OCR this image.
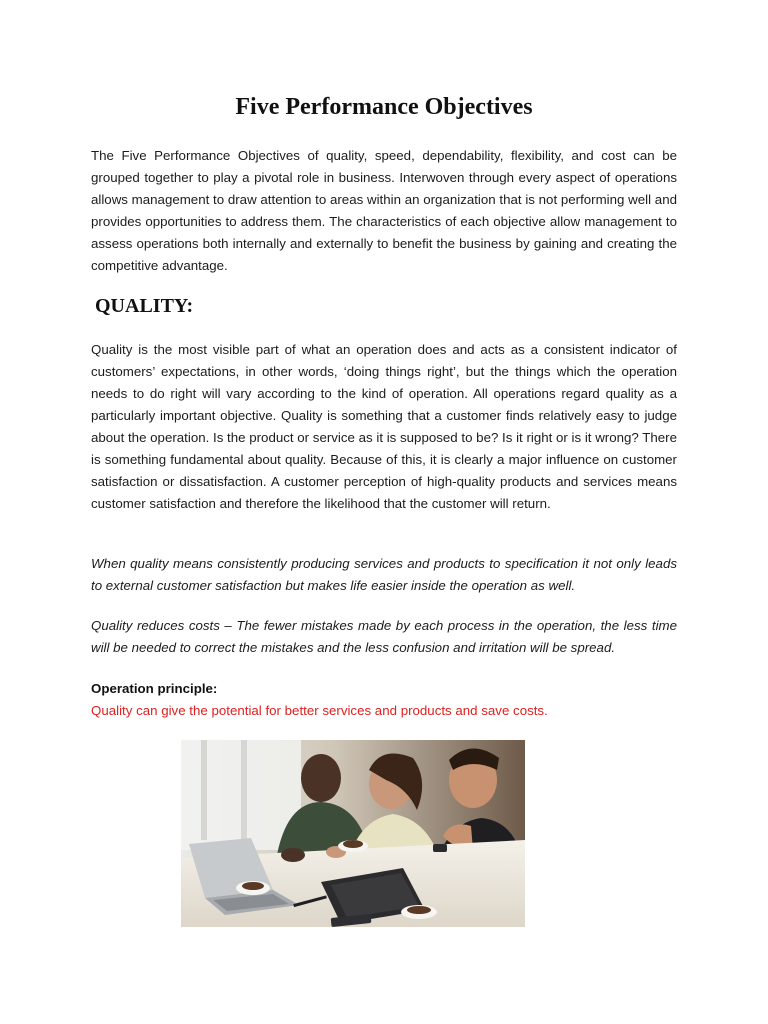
Five Performance Objectives

The Five Performance Objectives of quality, speed, dependability, flexibility, and cost can be grouped together to play a pivotal role in business. Interwoven through every aspect of operations allows management to draw attention to areas within an organization that is not performing well and provides opportunities to address them. The characteristics of each objective allow management to assess operations both internally and externally to benefit the business by gaining and creating the competitive advantage.

QUALITY:

Quality is the most visible part of what an operation does and acts as a consistent indicator of customers’ expectations, in other words, ‘doing things right’, but the things which the operation needs to do right will vary according to the kind of operation. All operations regard quality as a particularly important objective. Quality is something that a customer finds relatively easy to judge about the operation. Is the product or service as it is supposed to be? Is it right or is it wrong? There is something fundamental about quality. Because of this, it is clearly a major influence on customer satisfaction or dissatisfaction. A customer perception of high-quality products and services means customer satisfaction and therefore the likelihood that the customer will return.

When quality means consistently producing services and products to specification it not only leads to external customer satisfaction but makes life easier inside the operation as well.

Quality reduces costs – The fewer mistakes made by each process in the operation, the less time will be needed to correct the mistakes and the less confusion and irritation will be spread.

Operation principle:

Quality can give the potential for better services and products and save costs.
